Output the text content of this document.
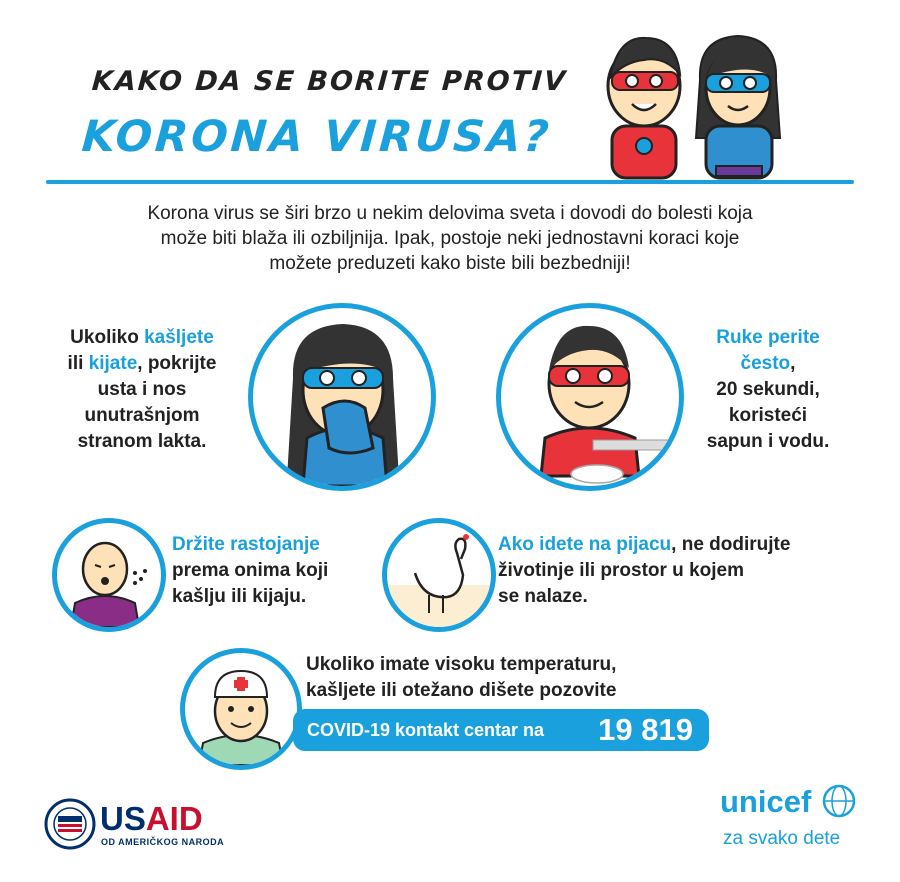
KAKO DA SE BORITE PROTIV
KORONA VIRUSA?
Korona virus se širi brzo u nekim delovima sveta i dovodi do bolesti koja
može biti blaža ili ozbiljnija. Ipak, postoje neki jednostavni koraci koje
možete preduzeti kako biste bili bezbedniji!
Ukoliko kašljete
ili kijate, pokrijte
usta i nos
unutrašnjom
stranom lakta.
Ruke perite
često,
20 sekundi,
koristeći
sapun i vodu.
Držite rastojanje
prema onima koji
kašlju ili kijaju.
Ako idete na pijacu, ne dodirujte
životinje ili prostor u kojem
se nalaze.
Ukoliko imate visoku temperaturu,
kašljete ili otežano dišete pozovite
COVID-19 kontakt centar na 19 819
USAID
OD AMERIČKOG NARODA
unicef
za svako dete
